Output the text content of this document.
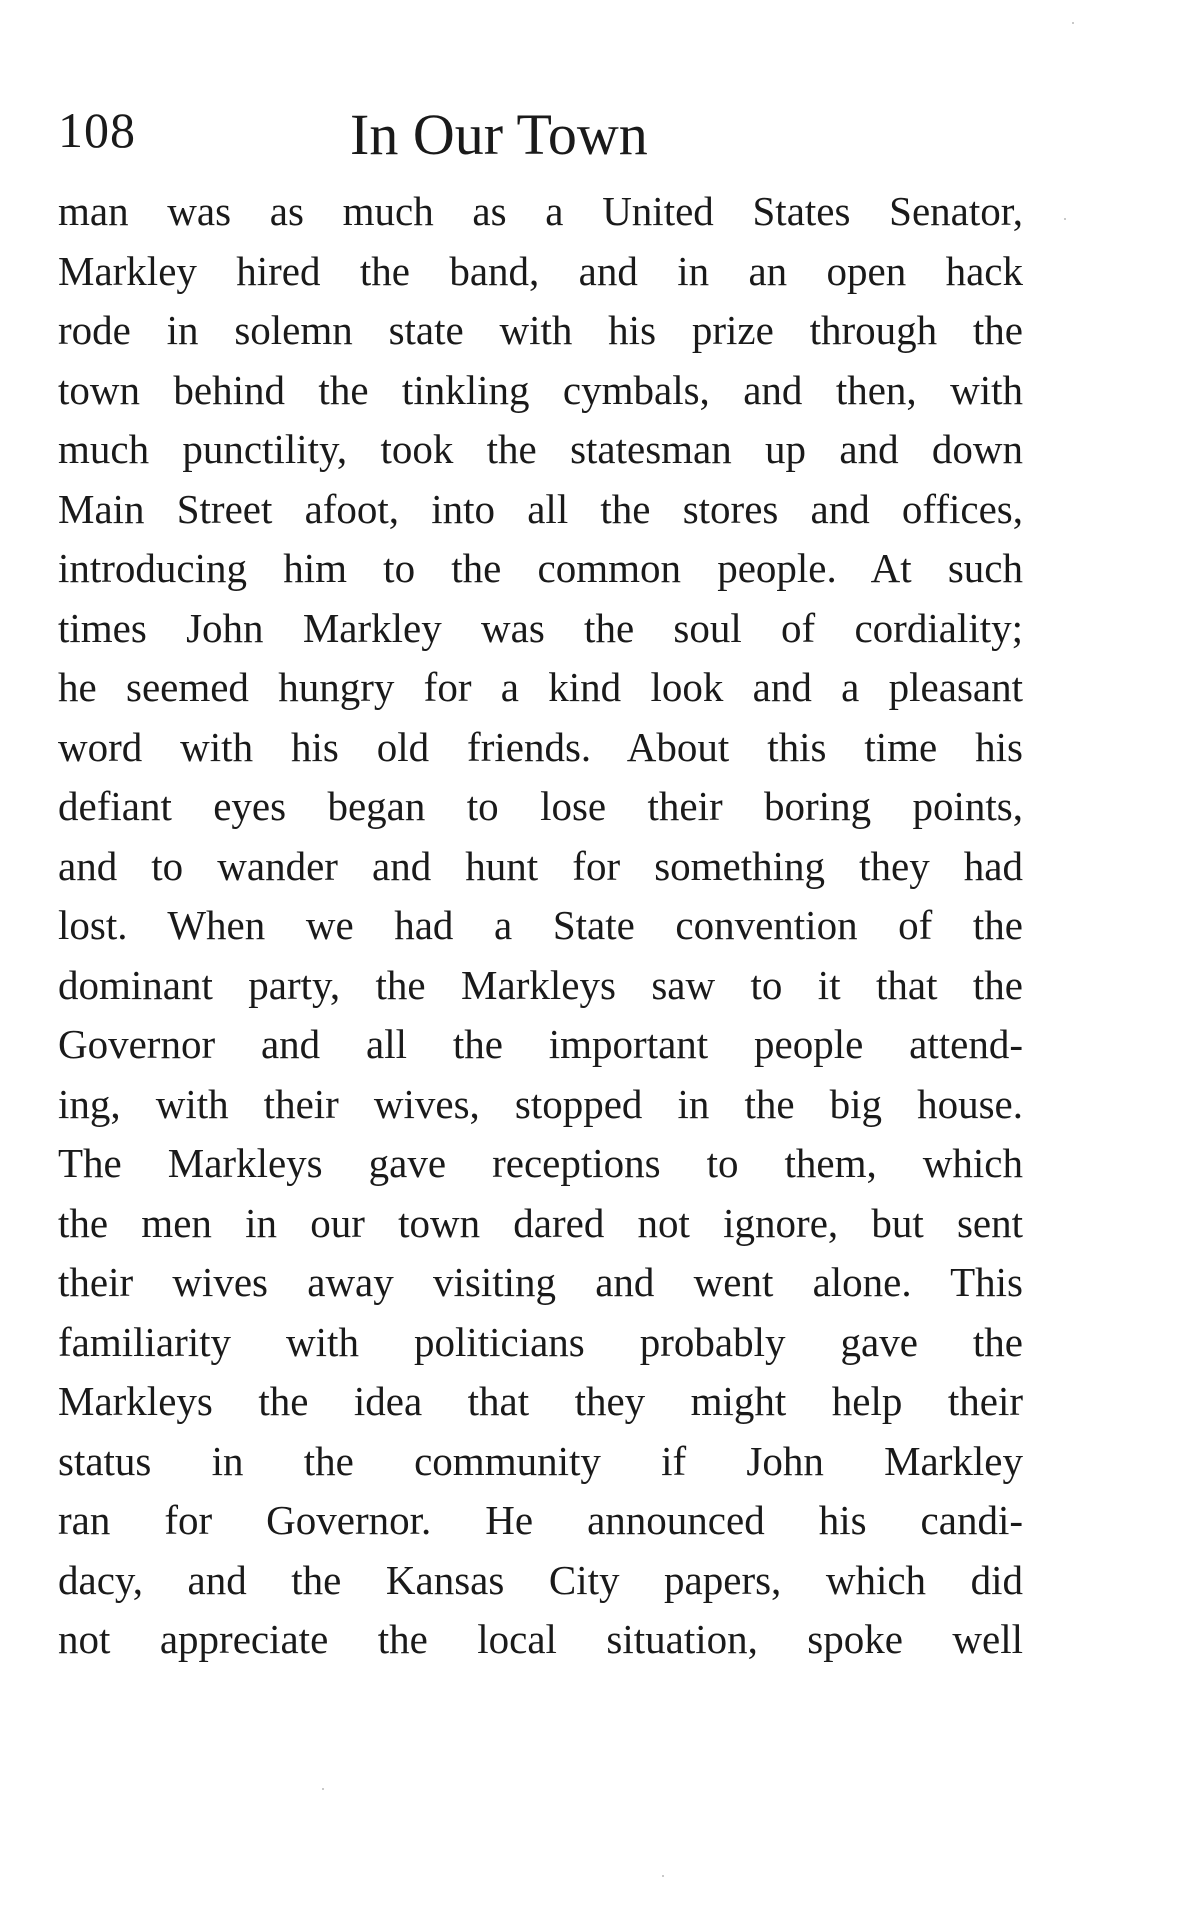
108	In Our Town
man was as much as a United States Senator,
Markley hired the band, and in an open hack
rode in solemn state with his prize through the
town behind the tinkling cymbals, and then, with
much punctility, took the statesman up and down
Main Street afoot, into all the stores and offices,
introducing him to the common people. At such
times John Markley was the soul of cordiality;
he seemed hungry for a kind look and a pleasant
word with his old friends. About this time his
defiant eyes began to lose their boring points,
and to wander and hunt for something they had
lost. When we had a State convention of the
dominant party, the Markleys saw to it that the
Governor and all the important people attend-
ing, with their wives, stopped in the big house.
The Markleys gave receptions to them, which
the men in our town dared not ignore, but sent
their wives away visiting and went alone. This
familiarity with politicians probably gave the
Markleys the idea that they might help their
status in the community if John Markley
ran for Governor. He announced his candi-
dacy, and the Kansas City papers, which did
not appreciate the local situation, spoke well
